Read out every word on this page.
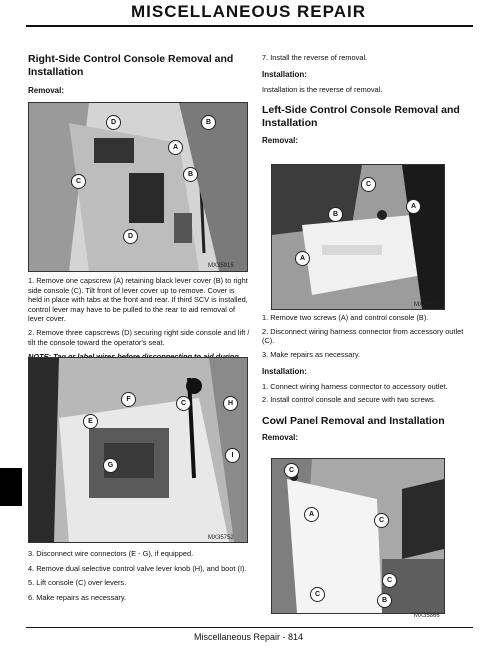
MISCELLANEOUS REPAIR

Right-Side Control Console Removal and Installation

Removal:

D	B
A
B
C
D
MX35915

1. Remove one capscrew (A) retaining black lever cover (B) to right side console (C). Tilt front of lever cover up to remove. Cover is held in place with tabs at the front and rear. If third SCV is installed, control lever may have to be pulled to the rear to aid removal of lever cover.

2. Remove three capscrews (D) securing right side console and lift / tilt the console toward the operator's seat.

F
C	H
E
G
I
MX35752

3. Disconnect wire connectors (E - G), if equipped.

4. Remove dual selective control valve lever knob (H), and boot (I).

5. Lift console (C) over levers.

6. Make repairs as necessary.

7. Install the reverse of removal.

Installation:

Installation is the reverse of removal.

Left-Side Control Console Removal and Installation

Removal:

C
B
A
A
MX35850

1. Remove two screws (A) and control console (B).

2. Disconnect wiring harness connector from accessory outlet (C).

3. Make repairs as necessary.

Installation:

1. Connect wiring harness connector to accessory outlet.

2. Install control console and secure with two screws.

Cowl Panel Removal and Installation

Removal:

C
A
C
C
C
B
MX35866
Miscellaneous Repair - 814
